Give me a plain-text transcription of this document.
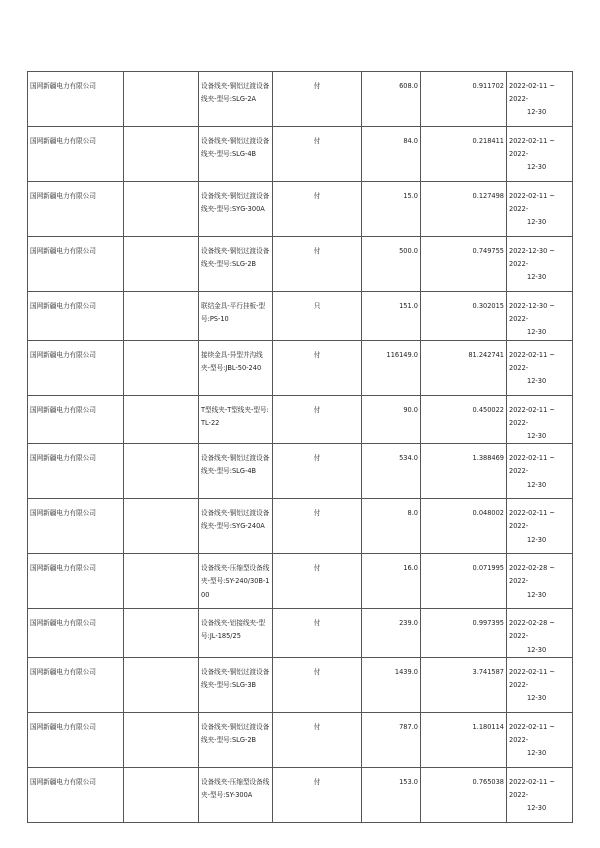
国网新疆电力有限公司		设备线夹-铜铝过渡设备线夹-型号:SLG-2A	付	608.0	0.911702	2022-02-11 ~ 2022-
12-30

国网新疆电力有限公司		设备线夹-铜铝过渡设备线夹-型号:SLG-4B	付	84.0	0.218411	2022-02-11 ~ 2022-
12-30

国网新疆电力有限公司		设备线夹-铜铝过渡设备线夹-型号:SYG-300A	付	15.0	0.127498	2022-02-11 ~ 2022-
12-30

国网新疆电力有限公司		设备线夹-铜铝过渡设备线夹-型号:SLG-2B	付	500.0	0.749755	2022-12-30 ~ 2022-
12-30

国网新疆电力有限公司		联结金具-平行挂板-型号:PS-10	只	151.0	0.302015	2022-12-30 ~ 2022-
12-30

国网新疆电力有限公司		接续金具-异型并沟线夹-型号:JBL-50-240	付	116149.0	81.242741	2022-02-11 ~ 2022-
12-30

国网新疆电力有限公司		T型线夹-T型线夹-型号:TL-22	付	90.0	0.450022	2022-02-11 ~ 2022-
12-30

国网新疆电力有限公司		设备线夹-铜铝过渡设备线夹-型号:SLG-4B	付	534.0	1.388469	2022-02-11 ~ 2022-
12-30

国网新疆电力有限公司		设备线夹-铜铝过渡设备线夹-型号:SYG-240A	付	8.0	0.048002	2022-02-11 ~ 2022-
12-30

国网新疆电力有限公司		设备线夹-压缩型设备线夹-型号:SY-240/30B-100	付	16.0	0.071995	2022-02-28 ~ 2022-
12-30

国网新疆电力有限公司		设备线夹-铝接线夹-型号:JL-185/25	付	239.0	0.997395	2022-02-28 ~ 2022-
12-30

国网新疆电力有限公司		设备线夹-铜铝过渡设备线夹-型号:SLG-3B	付	1439.0	3.741587	2022-02-11 ~ 2022-
12-30

国网新疆电力有限公司		设备线夹-铜铝过渡设备线夹-型号:SLG-2B	付	787.0	1.180114	2022-02-11 ~ 2022-
12-30

国网新疆电力有限公司		设备线夹-压缩型设备线夹-型号:SY-300A	付	153.0	0.765038	2022-02-11 ~ 2022-
12-30
